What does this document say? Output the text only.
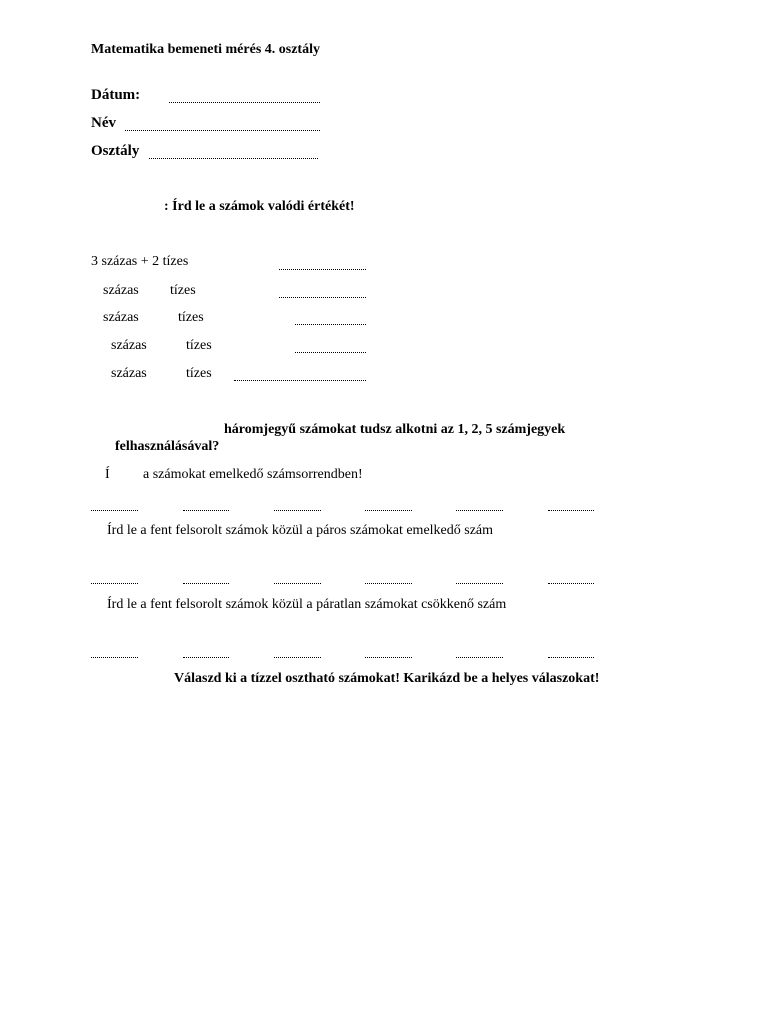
Matematika bemeneti mérés 4. osztály
Dátum:
Név
Osztály
: Írd le a számok valódi értékét!
3 százas + 2 tízes
százas tízes
százas	tízes
százas	tízes
százas	tízes
háromjegyű számokat tudsz alkotni az 1, 2, 5 számjegyek
felhasználásával?
Í a számokat emelkedő számsorrendben!
Írd le a fent felsorolt számok közül a páros számokat emelkedő szám
Írd le a fent felsorolt számok közül a páratlan számokat csökkenő szám
Válaszd ki a tízzel osztható számokat! Karikázd be a helyes válaszokat!
